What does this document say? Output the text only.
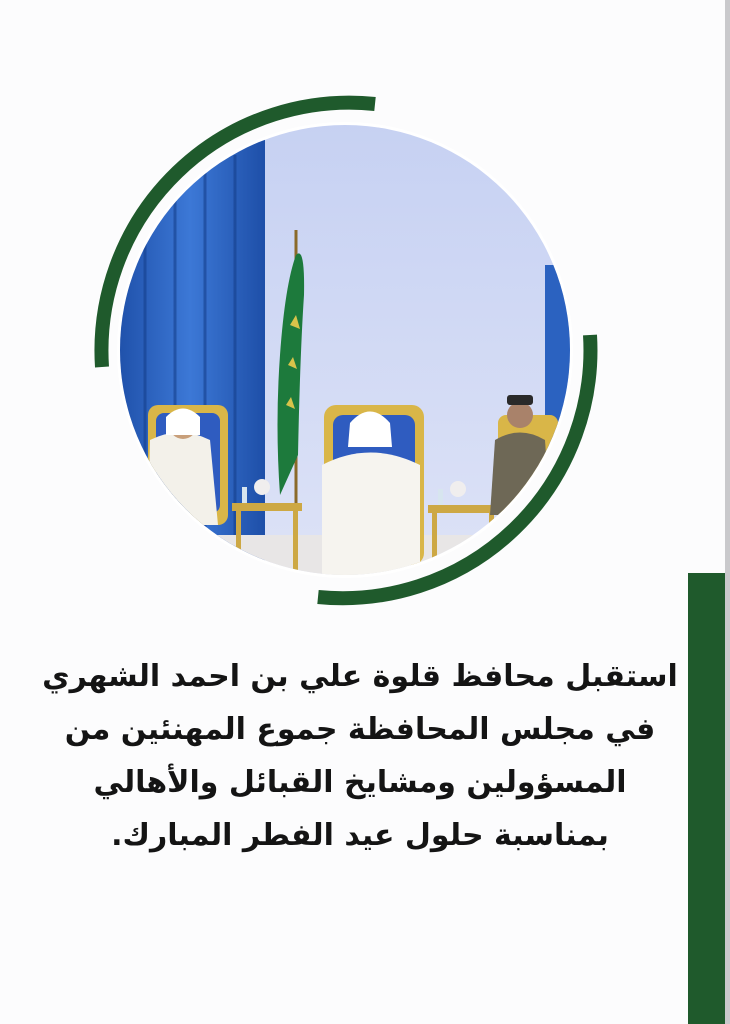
استقبل محافظ قلوة علي بن احمد الشهري
في مجلس المحافظة جموع المهنئين من
المسؤولين ومشايخ القبائل والأهالي
بمناسبة حلول عيد الفطر المبارك.
